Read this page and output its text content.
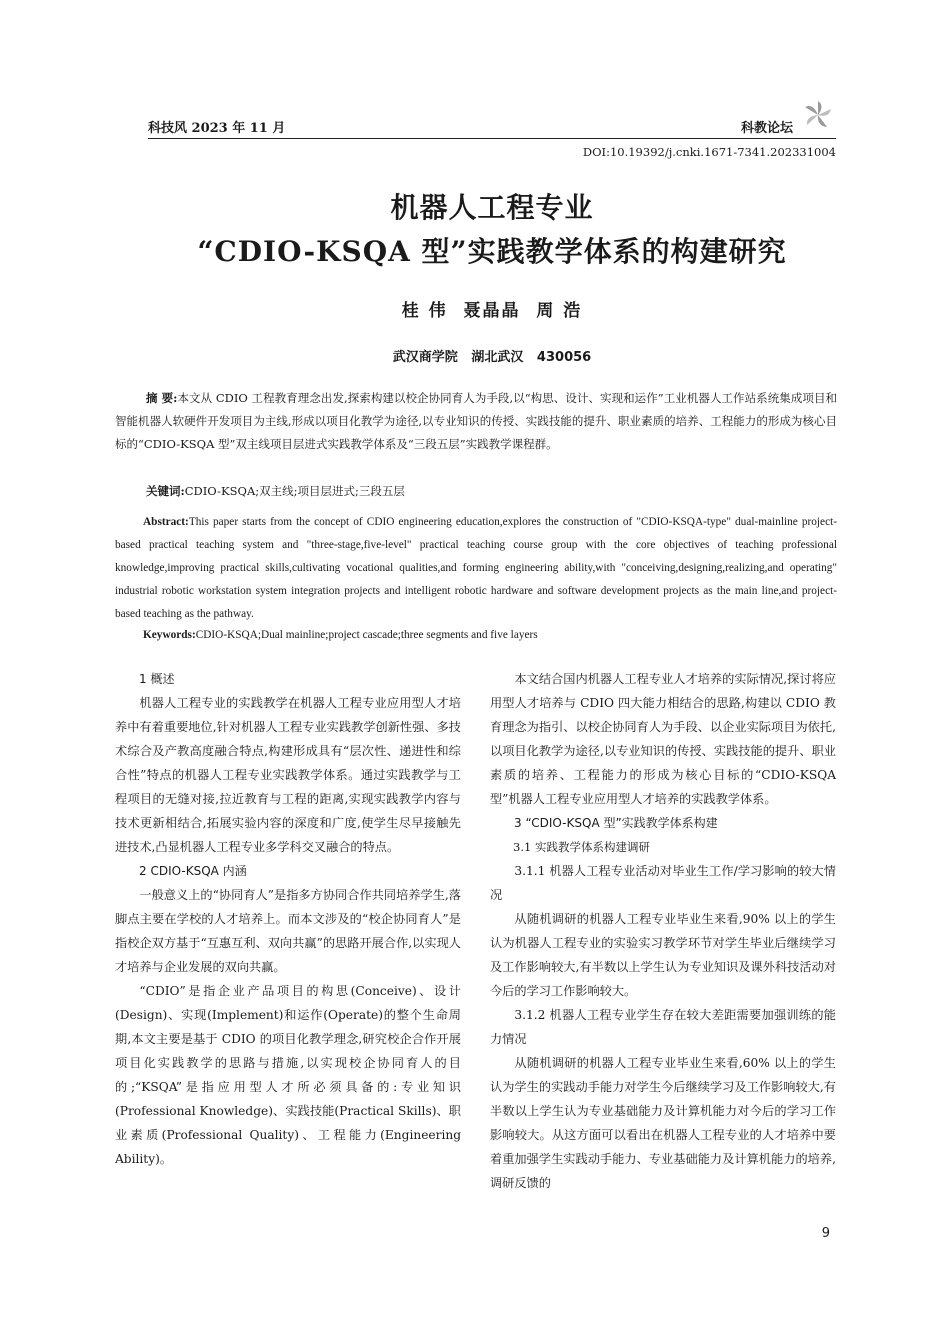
科技风 2023 年 11 月	科教论坛
DOI:10.19392/j.cnki.1671-7341.202331004
机器人工程专业
“CDIO-KSQA 型”实践教学体系的构建研究
桂 伟  聂晶晶  周 浩
武汉商学院   湖北武汉   430056

摘 要:本文从 CDIO 工程教育理念出发,探索构建以校企协同育人为手段,以“构思、设计、实现和运作”工业机器人工作站系统集成项目和智能机器人软硬件开发项目为主线,形成以项目化教学为途径,以专业知识的传授、实践技能的提升、职业素质的培养、工程能力的形成为核心目标的“CDIO-KSQA 型”双主线项目层进式实践教学体系及“三段五层”实践教学课程群。

关键词:CDIO-KSQA;双主线;项目层进式;三段五层

Abstract:This paper starts from the concept of CDIO engineering education,explores the construction of "CDIO-KSQA-type" dual-mainline project-based practical teaching system and "three-stage,five-level" practical teaching course group with the core objectives of teaching professional knowledge,improving practical skills,cultivating vocational qualities,and forming engineering ability,with "conceiving,designing,realizing,and operating" industrial robotic workstation system integration projects and intelligent robotic hardware and software development projects as the main line,and project-based teaching as the pathway.

Keywords:CDIO-KSQA;Dual mainline;project cascade;three segments and five layers

1 概述

机器人工程专业的实践教学在机器人工程专业应用型人才培养中有着重要地位,针对机器人工程专业实践教学创新性强、多技术综合及产教高度融合特点,构建形成具有“层次性、递进性和综合性”特点的机器人工程专业实践教学体系。通过实践教学与工程项目的无缝对接,拉近教育与工程的距离,实现实践教学内容与技术更新相结合,拓展实验内容的深度和广度,使学生尽早接触先进技术,凸显机器人工程专业多学科交叉融合的特点。

2 CDIO-KSQA 内涵

一般意义上的“协同育人”是指多方协同合作共同培养学生,落脚点主要在学校的人才培养上。而本文涉及的“校企协同育人”是指校企双方基于“互惠互利、双向共赢”的思路开展合作,以实现人才培养与企业发展的双向共赢。

“CDIO”是指企业产品项目的构思(Conceive)、设计(Design)、实现(Implement)和运作(Operate)的整个生命周期,本文主要是基于 CDIO 的项目化教学理念,研究校企合作开展项目化实践教学的思路与措施,以实现校企协同育人的目的;“KSQA”是指应用型人才所必须具备的:专业知识(Professional Knowledge)、实践技能(Practical Skills)、职业素质(Professional Quality)、工程能力(Engineering Ability)。

本文结合国内机器人工程专业人才培养的实际情况,探讨将应用型人才培养与 CDIO 四大能力相结合的思路,构建以 CDIO 教育理念为指引、以校企协同育人为手段、以企业实际项目为依托,以项目化教学为途径,以专业知识的传授、实践技能的提升、职业素质的培养、工程能力的形成为核心目标的“CDIO-KSQA 型”机器人工程专业应用型人才培养的实践教学体系。

3 “CDIO-KSQA 型”实践教学体系构建
3.1 实践教学体系构建调研
3.1.1 机器人工程专业活动对毕业生工作/学习影响的较大情况

从随机调研的机器人工程专业毕业生来看,90% 以上的学生认为机器人工程专业的实验实习教学环节对学生毕业后继续学习及工作影响较大,有半数以上学生认为专业知识及课外科技活动对今后的学习工作影响较大。

3.1.2 机器人工程专业学生存在较大差距需要加强训练的能力情况

从随机调研的机器人工程专业毕业生来看,60% 以上的学生认为学生的实践动手能力对学生今后继续学习及工作影响较大,有半数以上学生认为专业基础能力及计算机能力对今后的学习工作影响较大。从这方面可以看出在机器人工程专业的人才培养中要着重加强学生实践动手能力、专业基础能力及计算机能力的培养,调研反馈的

9
